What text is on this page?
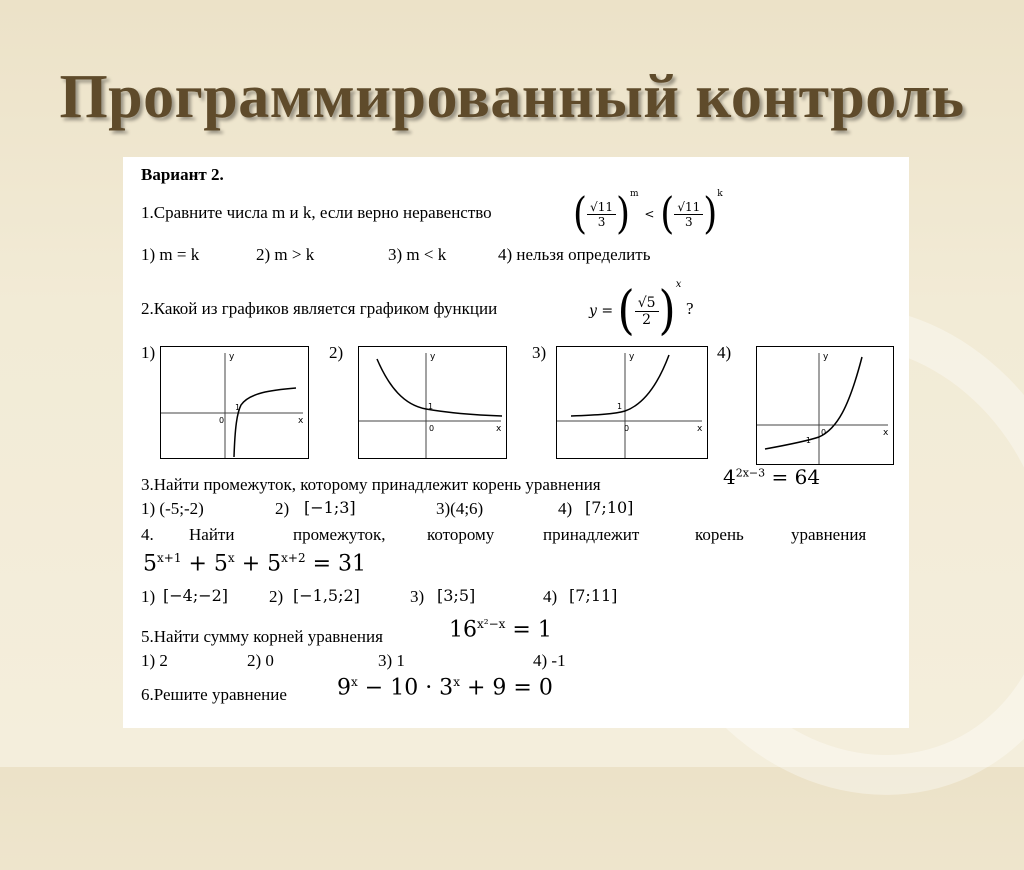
Программированный контроль
Вариант 2.
1.Сравните числа m и k, если верно неравенство ( $\frac{√11}{3} )^m$ < ( $\frac{√11}{3} )^k$
1) m = k	2) m > k	3) m < k	4) нельзя определить
2.Какой из графиков является графиком функции	y = ( $\frac{√5}{2} )^x$
?
1)	2)	3)	4)
y
x
0
1
y
x
0
1
y
x
0
1
y
x
0
-1
3.Найти промежуток, которому принадлежит корень уравнения	$4^{2x-3} = 64$
1) (-5;-2)	2) [−1;3]	3)(4;6)	4) [7;10]
4. Найти	промежуток, которому	принадлежит	корень	уравнения
$5^{x+1} + 5^x + 5^{x+2} = 31$
1) [−4;−2] 2) [−1,5;2]	3) [3;5]	4) [7;11]
5.Найти сумму корней уравнения	$16^{x^2-x} = 1$
1) 2	2) 0	3) 1	4) -1
6.Решите уравнение $9^x - 10 \cdot 3^x + 9 = 0$
